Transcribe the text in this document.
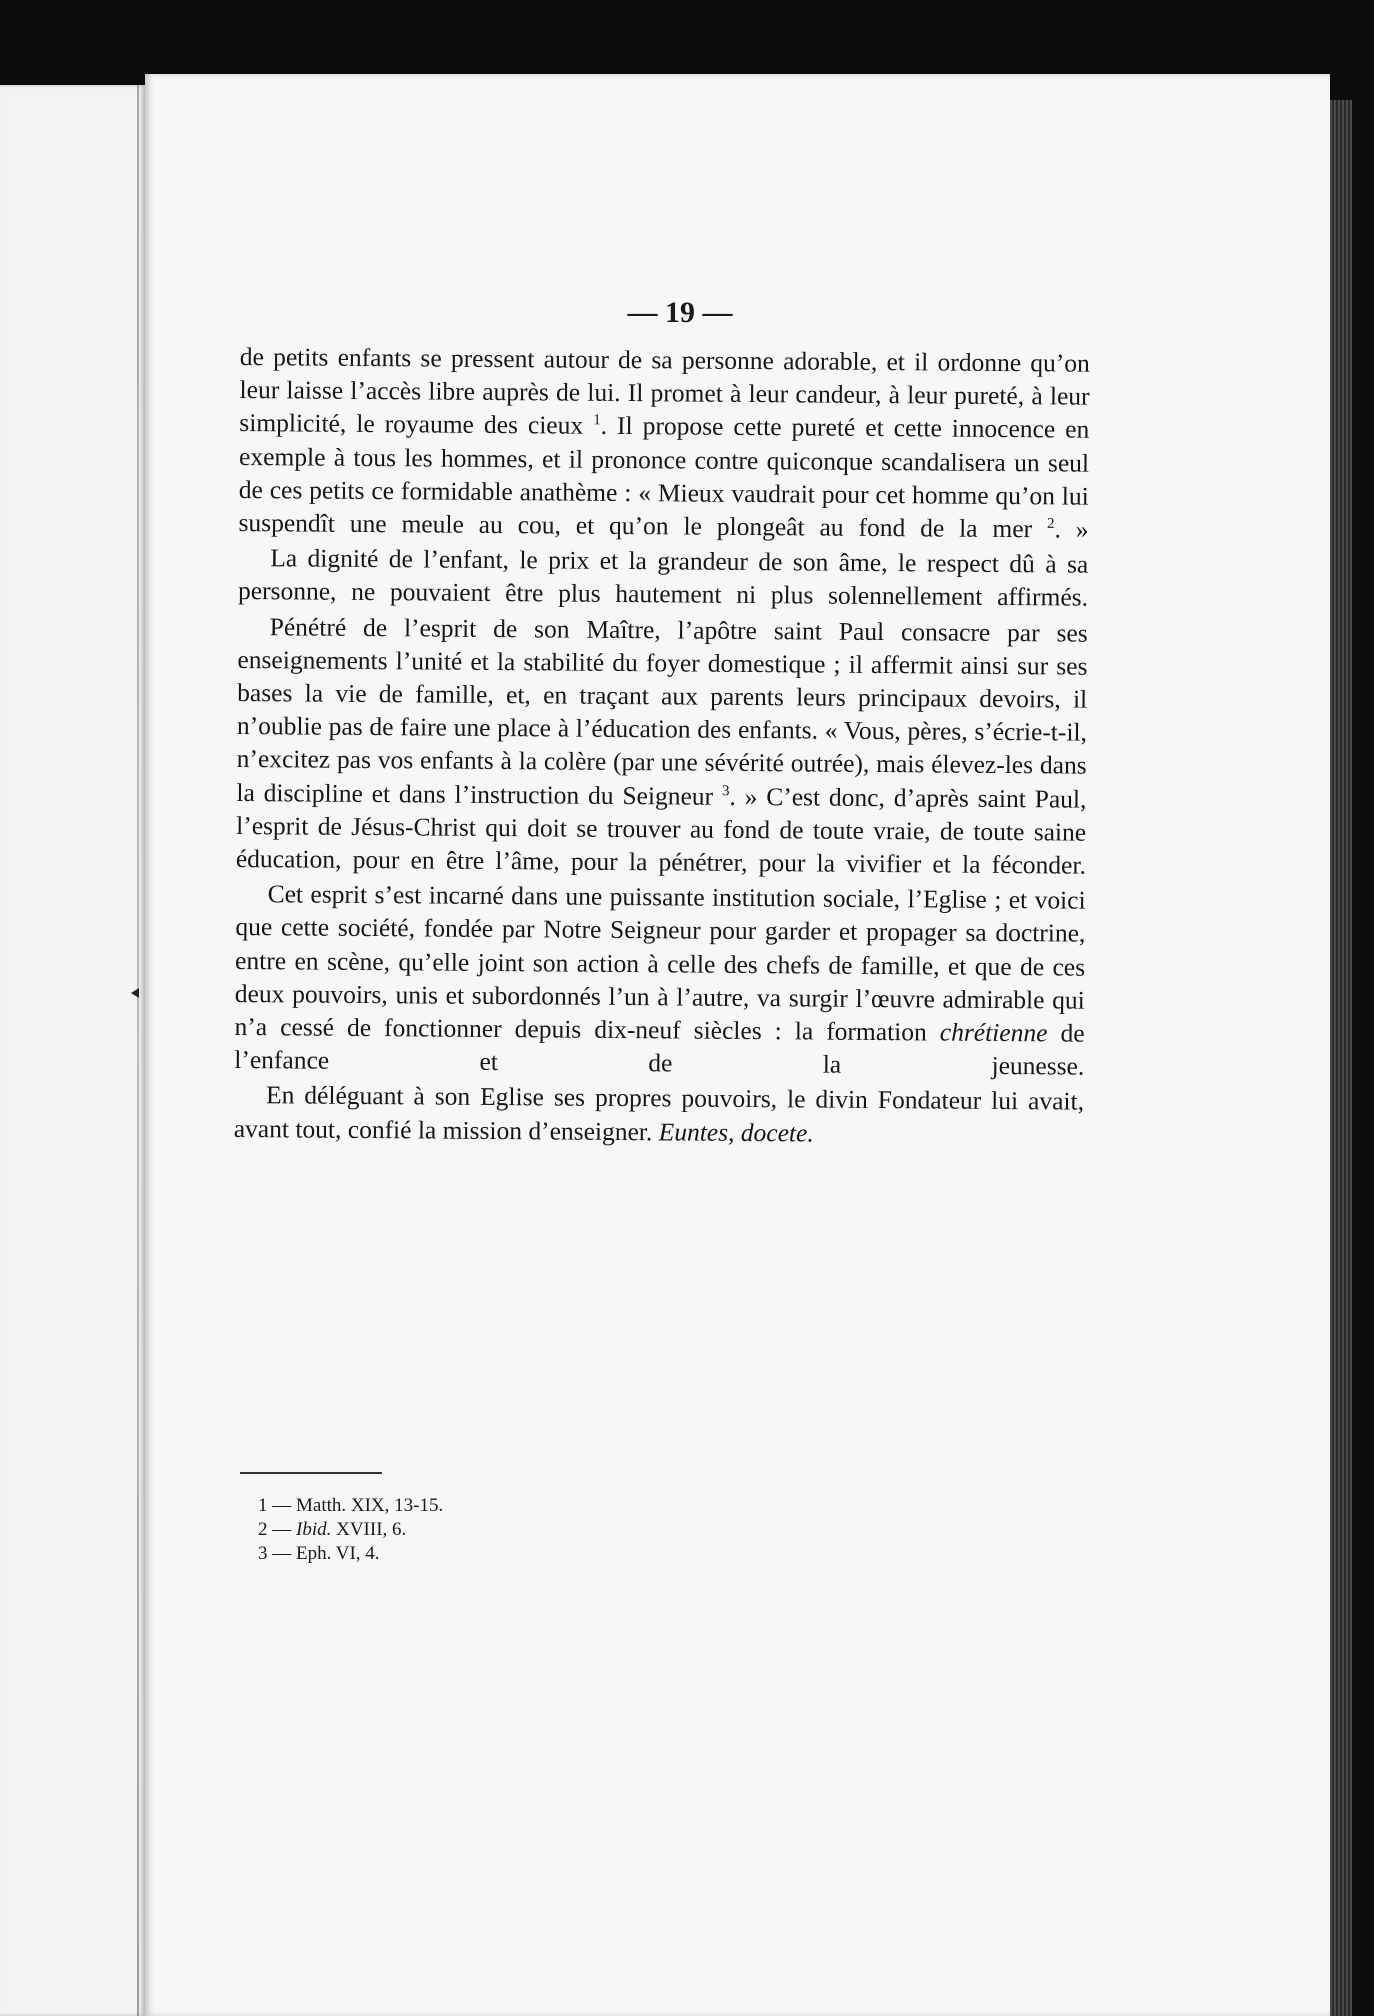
— 19 —

de petits enfants se pressent autour de sa personne adorable, et il ordonne qu’on leur laisse l’accès libre auprès de lui. Il promet à leur candeur, à leur pureté, à leur simplicité, le royaume des cieux $^1$. Il propose cette pureté et cette innocence en exemple à tous les hommes, et il prononce contre quiconque scandalisera un seul de ces petits ce formidable anathème : « Mieux vaudrait pour cet homme qu’on lui suspendît une meule au cou, et qu’on le plongeât au fond de la mer $^2$. »

La dignité de l’enfant, le prix et la grandeur de son âme, le respect dû à sa personne, ne pouvaient être plus hautement ni plus solennellement affirmés.

Pénétré de l’esprit de son Maître, l’apôtre saint Paul consacre par ses enseignements l’unité et la stabilité du foyer domestique ; il affermit ainsi sur ses bases la vie de famille, et, en traçant aux parents leurs principaux devoirs, il n’oublie pas de faire une place à l’éducation des enfants. « Vous, pères, s’écrie-t-il, n’excitez pas vos enfants à la colère (par une sévérité outrée), mais élevez-les dans la discipline et dans l’instruction du Seigneur $^3$. » C’est donc, d’après saint Paul, l’esprit de Jésus-Christ qui doit se trouver au fond de toute vraie, de toute saine éducation, pour en être l’âme, pour la pénétrer, pour la vivifier et la féconder.

Cet esprit s’est incarné dans une puissante institution sociale, l’Eglise ; et voici que cette société, fondée par Notre Seigneur pour garder et propager sa doctrine, entre en scène, qu’elle joint son action à celle des chefs de famille, et que de ces deux pouvoirs, unis et subordonnés l’un à l’autre, va surgir l’œuvre admirable qui n’a cessé de fonctionner depuis dix-neuf siècles : la formation chrétienne de l’enfance et de la jeunesse.

En déléguant à son Eglise ses propres pouvoirs, le divin Fondateur lui avait, avant tout, confié la mission d’enseigner. Euntes, docete.

1 — Matth. XIX, 13-15.
2 — Ibid. XVIII, 6.
3 — Eph. VI, 4.
